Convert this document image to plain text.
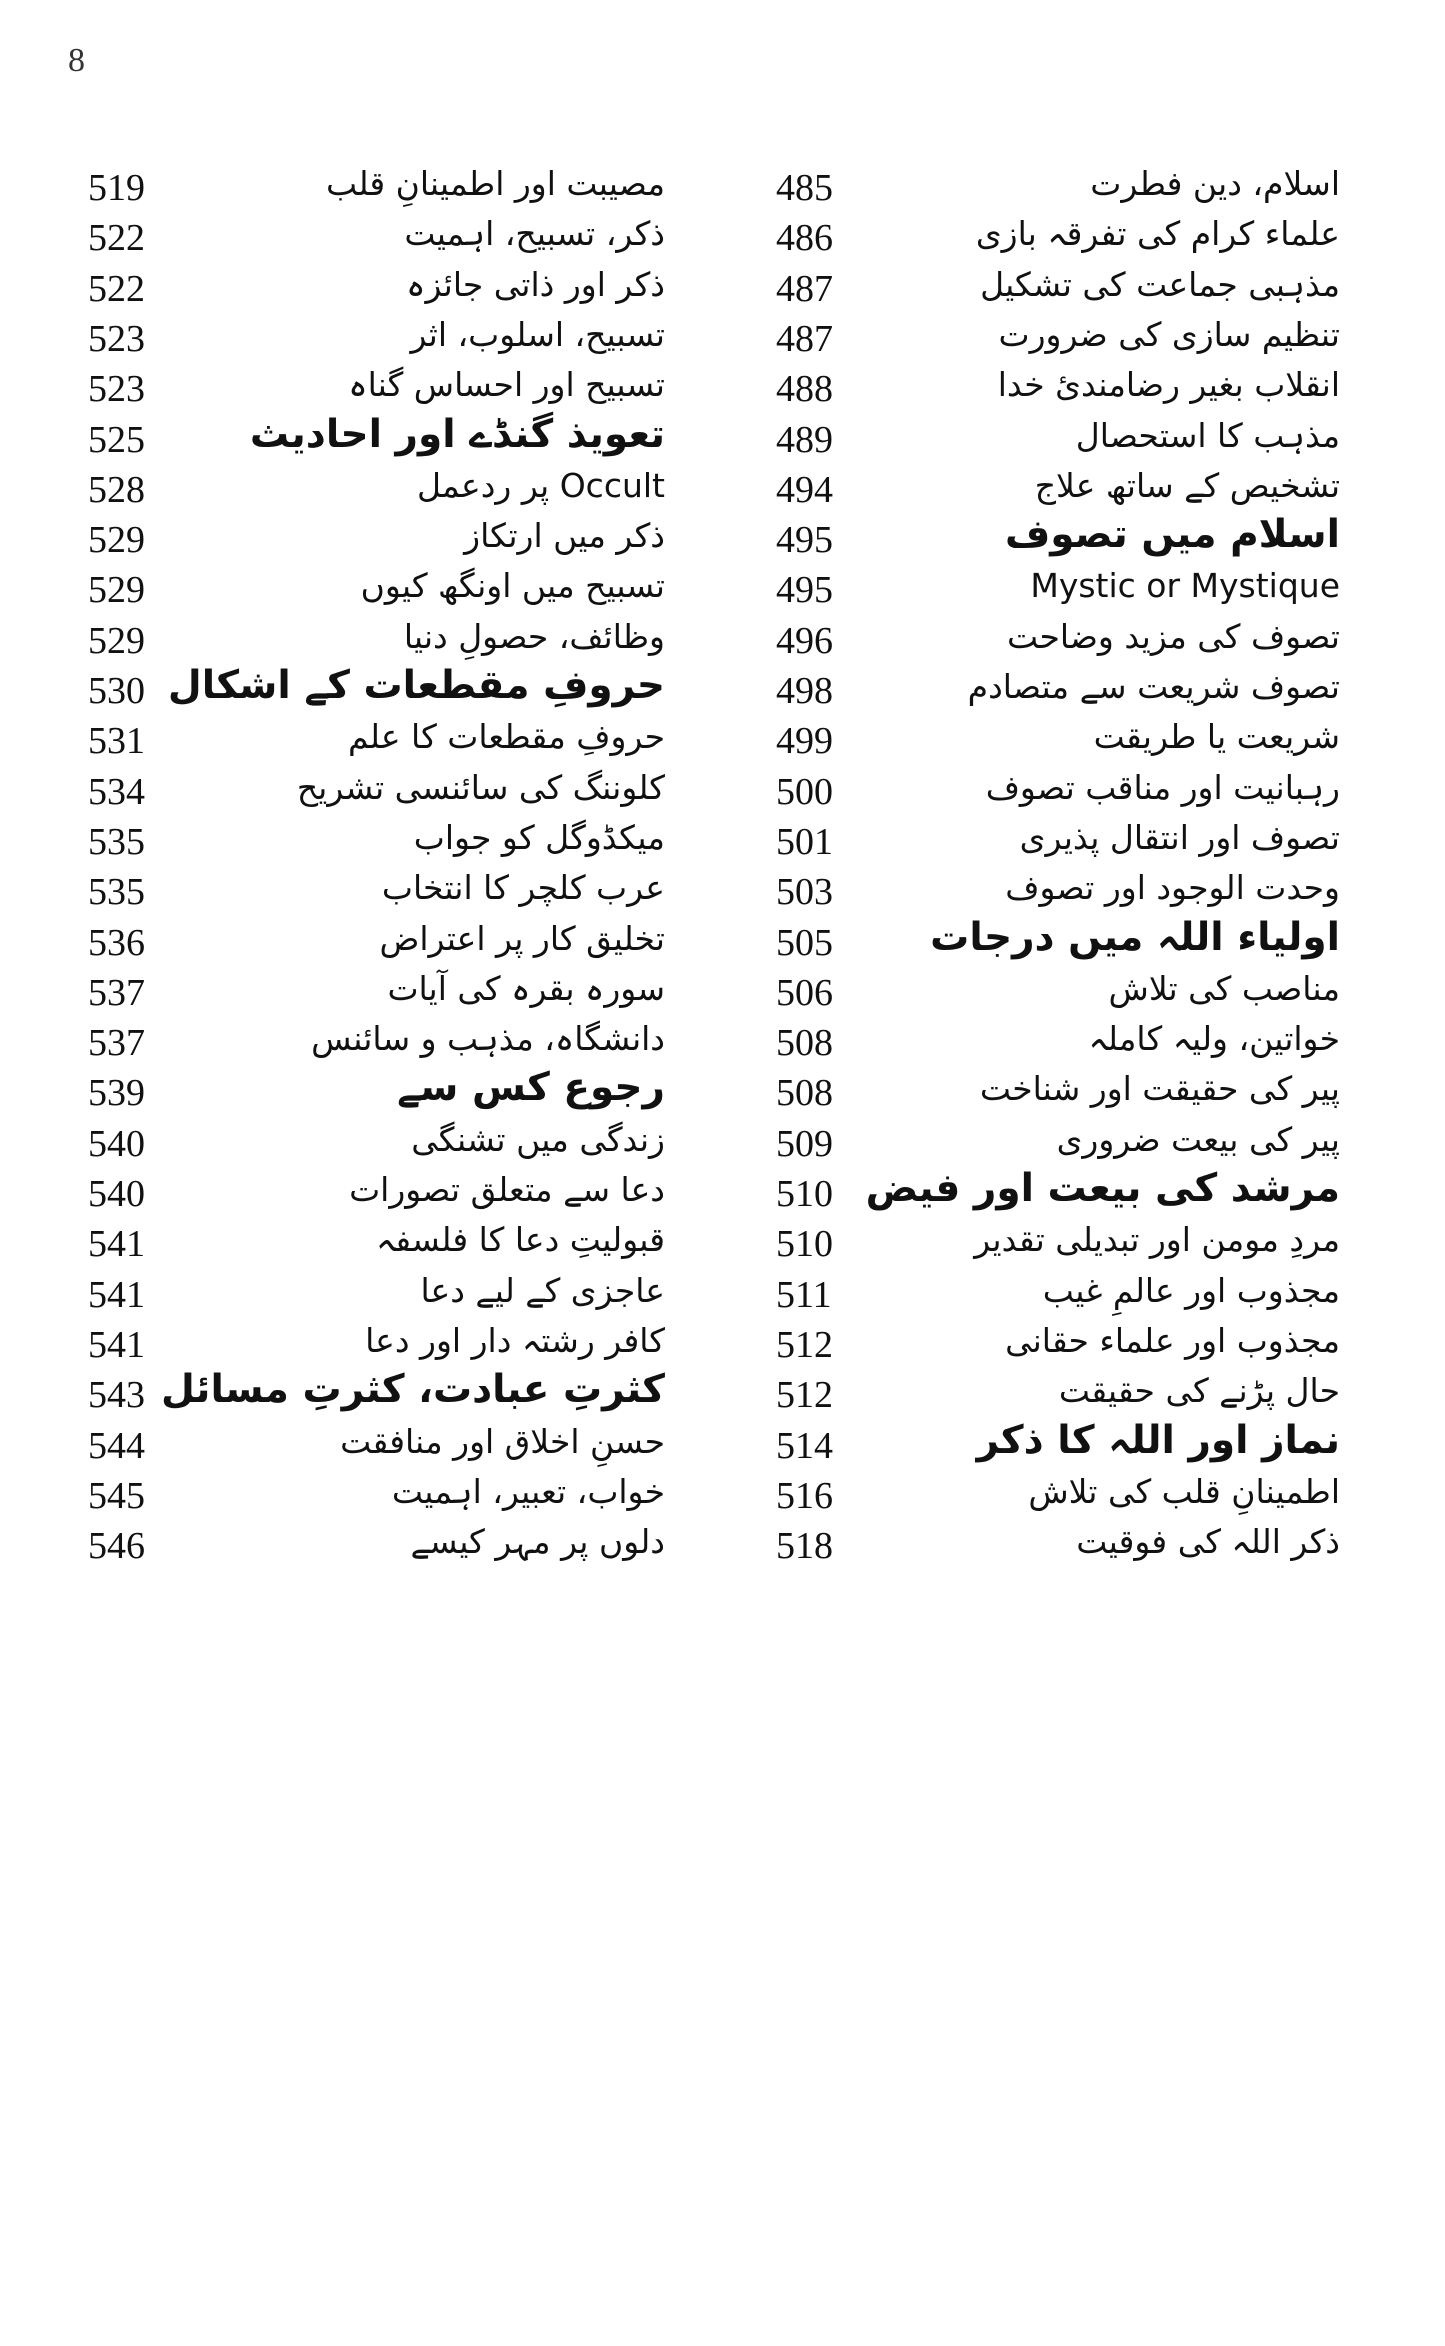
8
اسلام، دین فطرت
485
مصیبت اور اطمینانِ قلب
519
علماء کرام کی تفرقہ بازی
486
ذکر، تسبیح، اہمیت
522
مذہبی جماعت کی تشکیل
487
ذکر اور ذاتی جائزہ
522
تنظیم سازی کی ضرورت
487
تسبیح، اسلوب، اثر
523
انقلاب بغیر رضامندئ خدا
488
تسبیح اور احساس گناہ
523
مذہب کا استحصال
489
تعویذ گنڈے اور احادیث
525
تشخیص کے ساتھ علاج
494
Occult پر ردعمل
528
اسلام میں تصوف
495
ذکر میں ارتکاز
529
Mystic or Mystique
495
تسبیح میں اونگھ کیوں
529
تصوف کی مزید وضاحت
496
وظائف، حصولِ دنیا
529
تصوف شریعت سے متصادم
498
حروفِ مقطعات کے اشکال
530
شریعت یا طریقت
499
حروفِ مقطعات کا علم
531
رہبانیت اور مناقب تصوف
500
کلوننگ کی سائنسی تشریح
534
تصوف اور انتقال پذیری
501
میکڈوگل کو جواب
535
وحدت الوجود اور تصوف
503
عرب کلچر کا انتخاب
535
اولیاء اللہ میں درجات
505
تخلیق کار پر اعتراض
536
مناصب کی تلاش
506
سورہ بقرہ کی آیات
537
خواتین، ولیہ کاملہ
508
دانشگاہ، مذہب و سائنس
537
پیر کی حقیقت اور شناخت
508
رجوع کس سے
539
پیر کی بیعت ضروری
509
زندگی میں تشنگی
540
مرشد کی بیعت اور فیض
510
دعا سے متعلق تصورات
540
مردِ مومن اور تبدیلی تقدیر
510
قبولیتِ دعا کا فلسفہ
541
مجذوب اور عالمِ غیب
511
عاجزی کے لیے دعا
541
مجذوب اور علماء حقانی
512
کافر رشتہ دار اور دعا
541
حال پڑنے کی حقیقت
512
کثرتِ عبادت، کثرتِ مسائل
543
نماز اور اللہ کا ذکر
514
حسنِ اخلاق اور منافقت
544
اطمینانِ قلب کی تلاش
516
خواب، تعبیر، اہمیت
545
ذکر اللہ کی فوقیت
518
دلوں پر مہر کیسے
546
